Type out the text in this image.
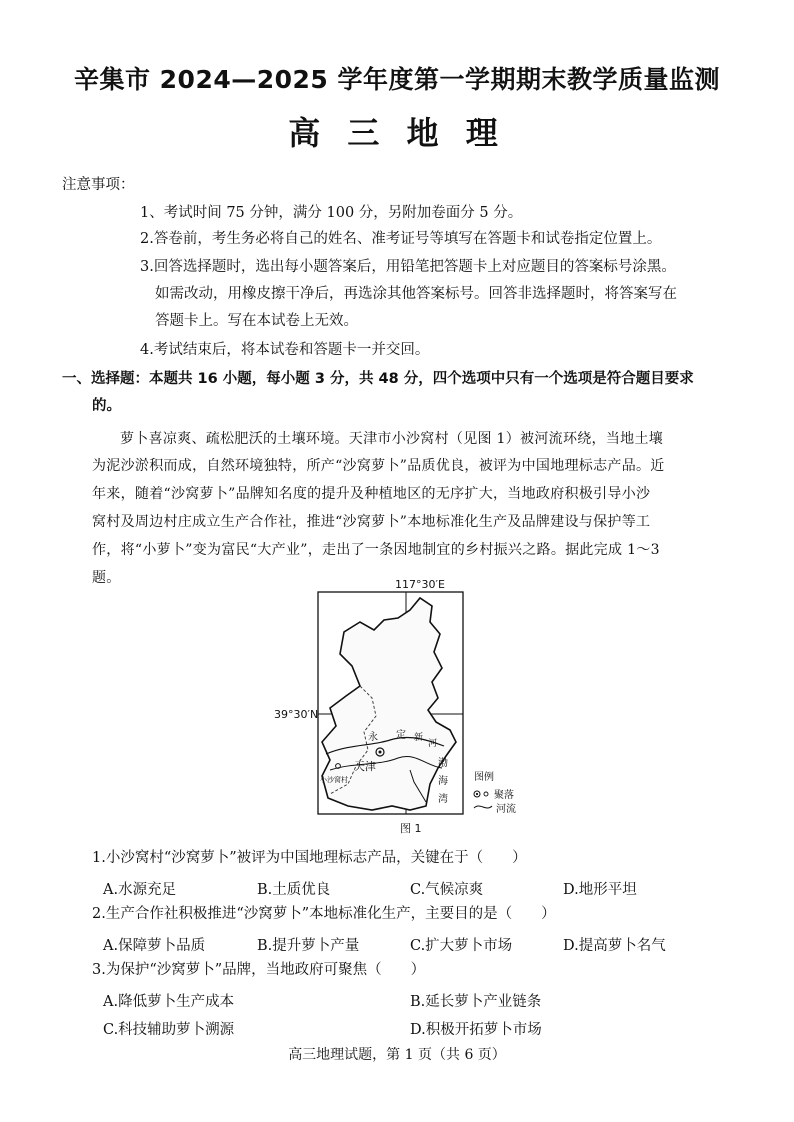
辛集市 2024—2025 学年度第一学期期末教学质量监测
高 三 地 理
注意事项：
1、考试时间 75 分钟，满分 100 分，另附加卷面分 5 分。
2.答卷前，考生务必将自己的姓名、准考证号等填写在答题卡和试卷指定位置上。
3.回答选择题时，选出每小题答案后，用铅笔把答题卡上对应题目的答案标号涂黑。
如需改动，用橡皮擦干净后，再选涂其他答案标号。回答非选择题时，将答案写在
答题卡上。写在本试卷上无效。
4.考试结束后，将本试卷和答题卡一并交回。
一、选择题：本题共 16 小题，每小题 3 分，共 48 分，四个选项中只有一个选项是符合题目要求
的。
萝卜喜凉爽、疏松肥沃的土壤环境。天津市小沙窝村（见图 1）被河流环绕，当地土壤
为泥沙淤积而成，自然环境独特，所产“沙窝萝卜”品质优良，被评为中国地理标志产品。近
年来，随着“沙窝萝卜”品牌知名度的提升及种植地区的无序扩大，当地政府积极引导小沙
窝村及周边村庄成立生产合作社，推进“沙窝萝卜”本地标准化生产及品牌建设与保护等工
作，将“小萝卜”变为富民“大产业”，走出了一条因地制宜的乡村振兴之路。据此完成 1～3
题。	117°30′E
39°30′N
天津
小沙窝村
永 定 新
河
渤
海
湾
图例
聚落
河流
图 1
1.小沙窝村“沙窝萝卜”被评为中国地理标志产品，关键在于（　　）
A.水源充足	B.土质优良	C.气候凉爽	D.地形平坦
2.生产合作社积极推进“沙窝萝卜”本地标准化生产，主要目的是（　　）
A.保障萝卜品质	B.提升萝卜产量	C.扩大萝卜市场	D.提高萝卜名气
3.为保护“沙窝萝卜”品牌，当地政府可聚焦（　　）
A.降低萝卜生产成本	B.延长萝卜产业链条
C.科技辅助萝卜溯源	D.积极开拓萝卜市场
高三地理试题，第 1 页（共 6 页）
